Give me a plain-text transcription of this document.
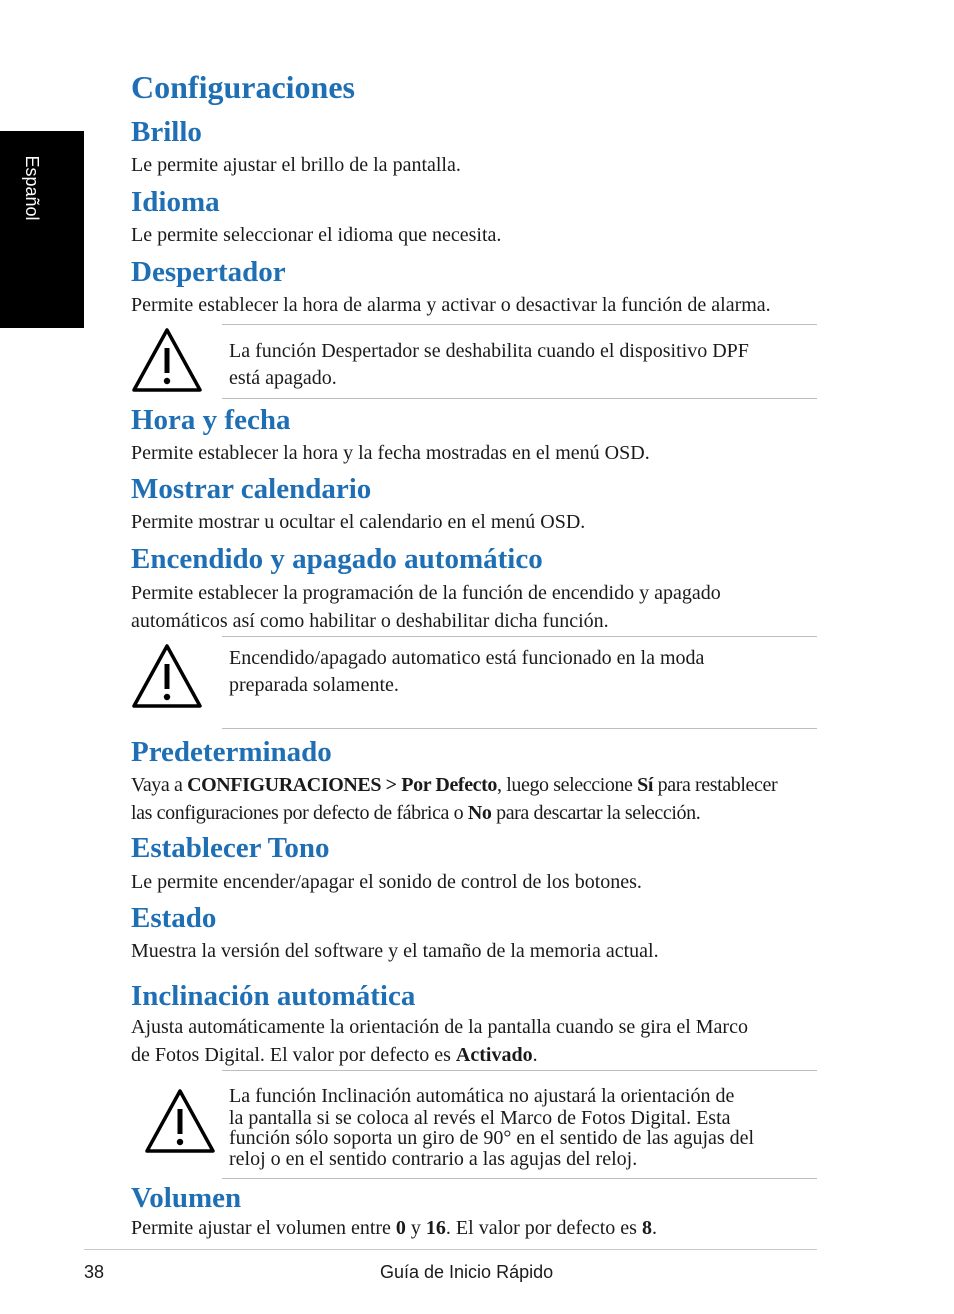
Español
Configuraciones
Brillo
Le permite ajustar el brillo de la pantalla.
Idioma
Le permite seleccionar el idioma que necesita.
Despertador
Permite establecer la hora de alarma y activar o desactivar la función de alarma.
La función Despertador se deshabilita cuando el dispositivo DPF
está apagado.
Hora y fecha
Permite establecer la hora y la fecha mostradas en el menú OSD.
Mostrar calendario
Permite mostrar u ocultar el calendario en el menú OSD.
Encendido y apagado automático
Permite establecer la programación de la función de encendido y apagado
automáticos así como habilitar o deshabilitar dicha función.
Encendido/apagado automatico está funcionado en la moda
preparada solamente.
Predeterminado
Vaya a CONFIGURACIONES > Por Defecto, luego seleccione Sí para restablecer
las configuraciones por defecto de fábrica o No para descartar la selección.
Establecer Tono
Le permite encender/apagar el sonido de control de los botones.
Estado
Muestra la versión del software y el tamaño de la memoria actual.
Inclinación automática
Ajusta automáticamente la orientación de la pantalla cuando se gira el Marco
de Fotos Digital. El valor por defecto es Activado.
La función Inclinación automática no ajustará la orientación de
la pantalla si se coloca al revés el Marco de Fotos Digital. Esta
función sólo soporta un giro de 90° en el sentido de las agujas del
reloj o en el sentido contrario a las agujas del reloj.
Volumen
Permite ajustar el volumen entre 0 y 16. El valor por defecto es 8.
38	Guía de Inicio Rápido
